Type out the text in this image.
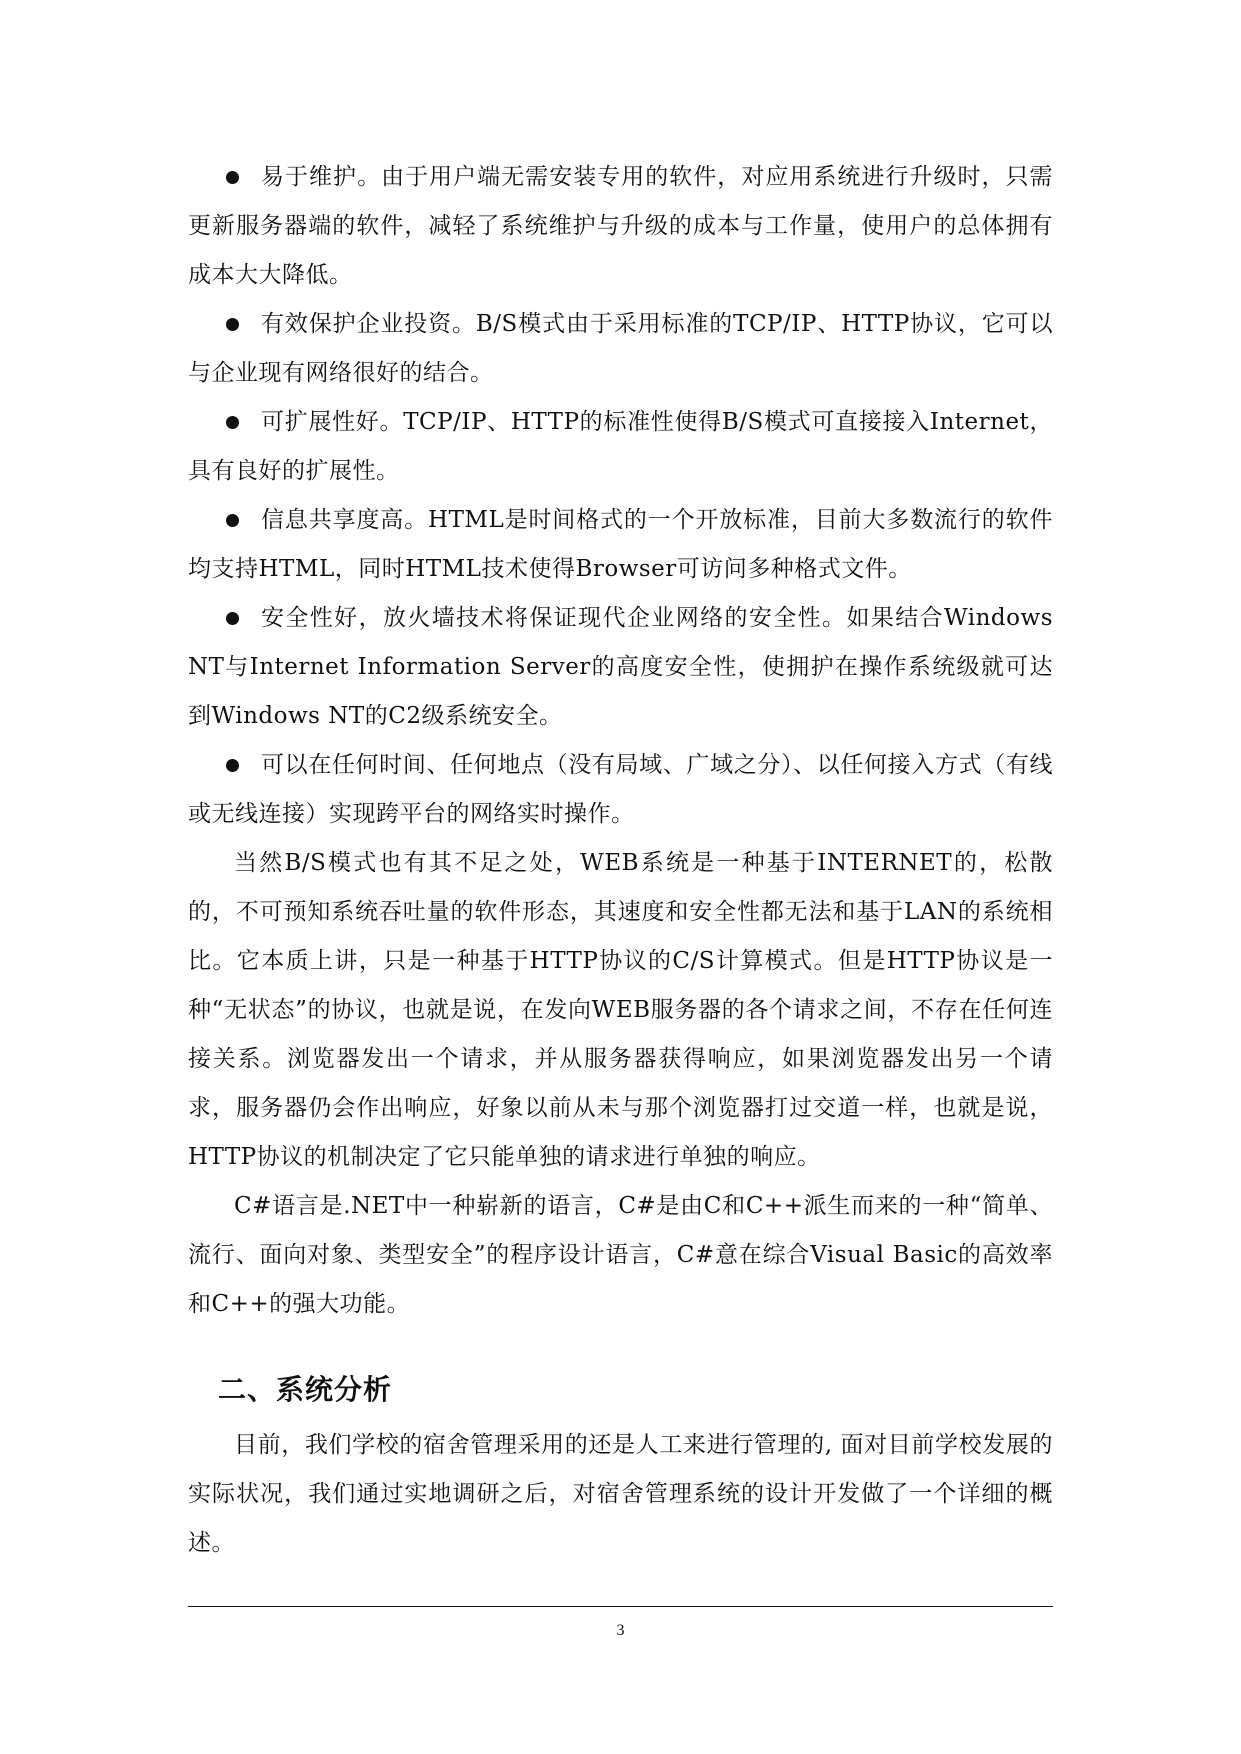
易于维护。由于用户端无需安装专用的软件，对应用系统进行升级时，只需更新服务器端的软件，减轻了系统维护与升级的成本与工作量，使用户的总体拥有成本大大降低。

有效保护企业投资。B/S模式由于采用标准的TCP/IP、HTTP协议，它可以与企业现有网络很好的结合。

可扩展性好。TCP/IP、HTTP的标准性使得B/S模式可直接接入Internet，具有良好的扩展性。

信息共享度高。HTML是时间格式的一个开放标准，目前大多数流行的软件均支持HTML，同时HTML技术使得Browser可访问多种格式文件。

安全性好，放火墙技术将保证现代企业网络的安全性。如果结合Windows NT与Internet Information Server的高度安全性，使拥护在操作系统级就可达到Windows NT的C2级系统安全。

可以在任何时间、任何地点（没有局域、广域之分）、以任何接入方式（有线或无线连接）实现跨平台的网络实时操作。

当然B/S模式也有其不足之处，WEB系统是一种基于INTERNET的，松散的，不可预知系统吞吐量的软件形态，其速度和安全性都无法和基于LAN的系统相比。它本质上讲，只是一种基于HTTP协议的C/S计算模式。但是HTTP协议是一种“无状态”的协议，也就是说，在发向WEB服务器的各个请求之间，不存在任何连接关系。浏览器发出一个请求，并从服务器获得响应，如果浏览器发出另一个请求，服务器仍会作出响应，好象以前从未与那个浏览器打过交道一样，也就是说，HTTP协议的机制决定了它只能单独的请求进行单独的响应。

C#语言是.NET中一种崭新的语言，C#是由C和C++派生而来的一种“简单、流行、面向对象、类型安全”的程序设计语言，C#意在综合Visual Basic的高效率和C++的强大功能。

二、系统分析

目前，我们学校的宿舍管理采用的还是人工来进行管理的, 面对目前学校发展的实际状况，我们通过实地调研之后，对宿舍管理系统的设计开发做了一个详细的概述。

3
